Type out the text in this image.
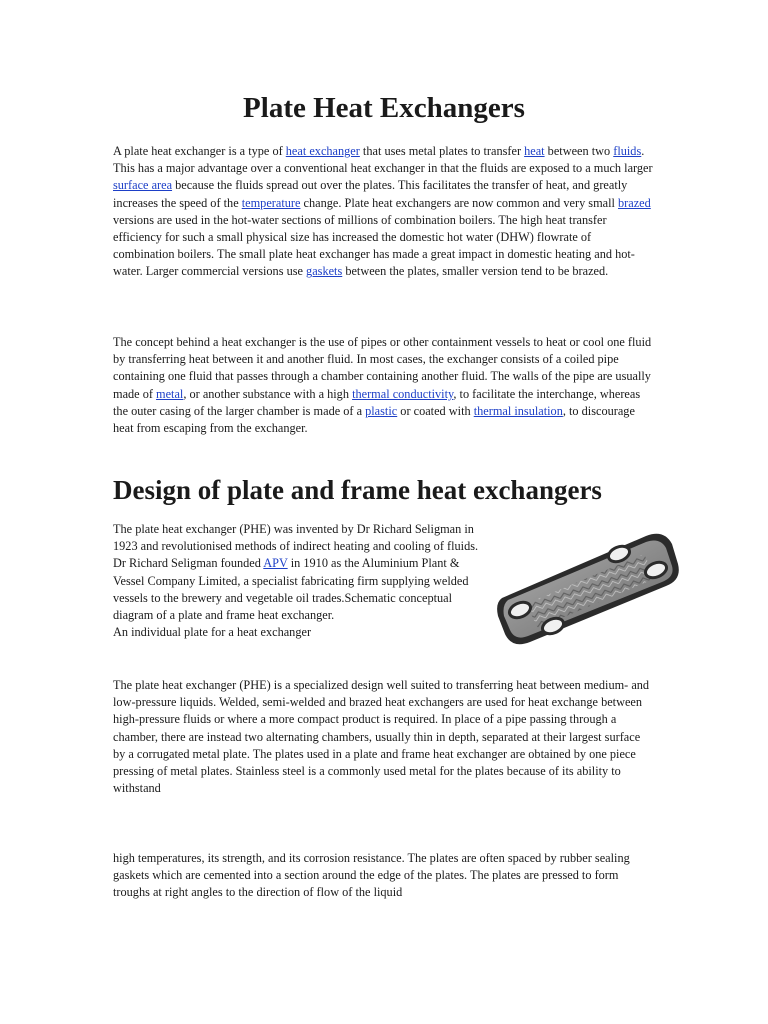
Plate Heat Exchangers

A plate heat exchanger is a type of heat exchanger that uses metal plates to transfer heat between two fluids. This has a major advantage over a conventional heat exchanger in that the fluids are exposed to a much larger surface area because the fluids spread out over the plates. This facilitates the transfer of heat, and greatly increases the speed of the temperature change. Plate heat exchangers are now common and very small brazed versions are used in the hot-water sections of millions of combination boilers. The high heat transfer efficiency for such a small physical size has increased the domestic hot water (DHW) flowrate of combination boilers. The small plate heat exchanger has made a great impact in domestic heating and hot-water. Larger commercial versions use gaskets between the plates, smaller version tend to be brazed.

The concept behind a heat exchanger is the use of pipes or other containment vessels to heat or cool one fluid by transferring heat between it and another fluid. In most cases, the exchanger consists of a coiled pipe containing one fluid that passes through a chamber containing another fluid. The walls of the pipe are usually made of metal, or another substance with a high thermal conductivity, to facilitate the interchange, whereas the outer casing of the larger chamber is made of a plastic or coated with thermal insulation, to discourage heat from escaping from the exchanger.

Design of plate and frame heat exchangers

The plate heat exchanger (PHE) was invented by Dr Richard Seligman in 1923 and revolutionised methods of indirect heating and cooling of fluids. Dr Richard Seligman founded APV in 1910 as the Aluminium Plant & Vessel Company Limited, a specialist fabricating firm supplying welded vessels to the brewery and vegetable oil trades.Schematic conceptual diagram of a plate and frame heat exchanger.
An individual plate for a heat exchanger

The plate heat exchanger (PHE) is a specialized design well suited to transferring heat between medium- and low-pressure liquids. Welded, semi-welded and brazed heat exchangers are used for heat exchange between high-pressure fluids or where a more compact product is required. In place of a pipe passing through a chamber, there are instead two alternating chambers, usually thin in depth, separated at their largest surface by a corrugated metal plate. The plates used in a plate and frame heat exchanger are obtained by one piece pressing of metal plates. Stainless steel is a commonly used metal for the plates because of its ability to withstand

high temperatures, its strength, and its corrosion resistance. The plates are often spaced by rubber sealing gaskets which are cemented into a section around the edge of the plates. The plates are pressed to form troughs at right angles to the direction of flow of the liquid
